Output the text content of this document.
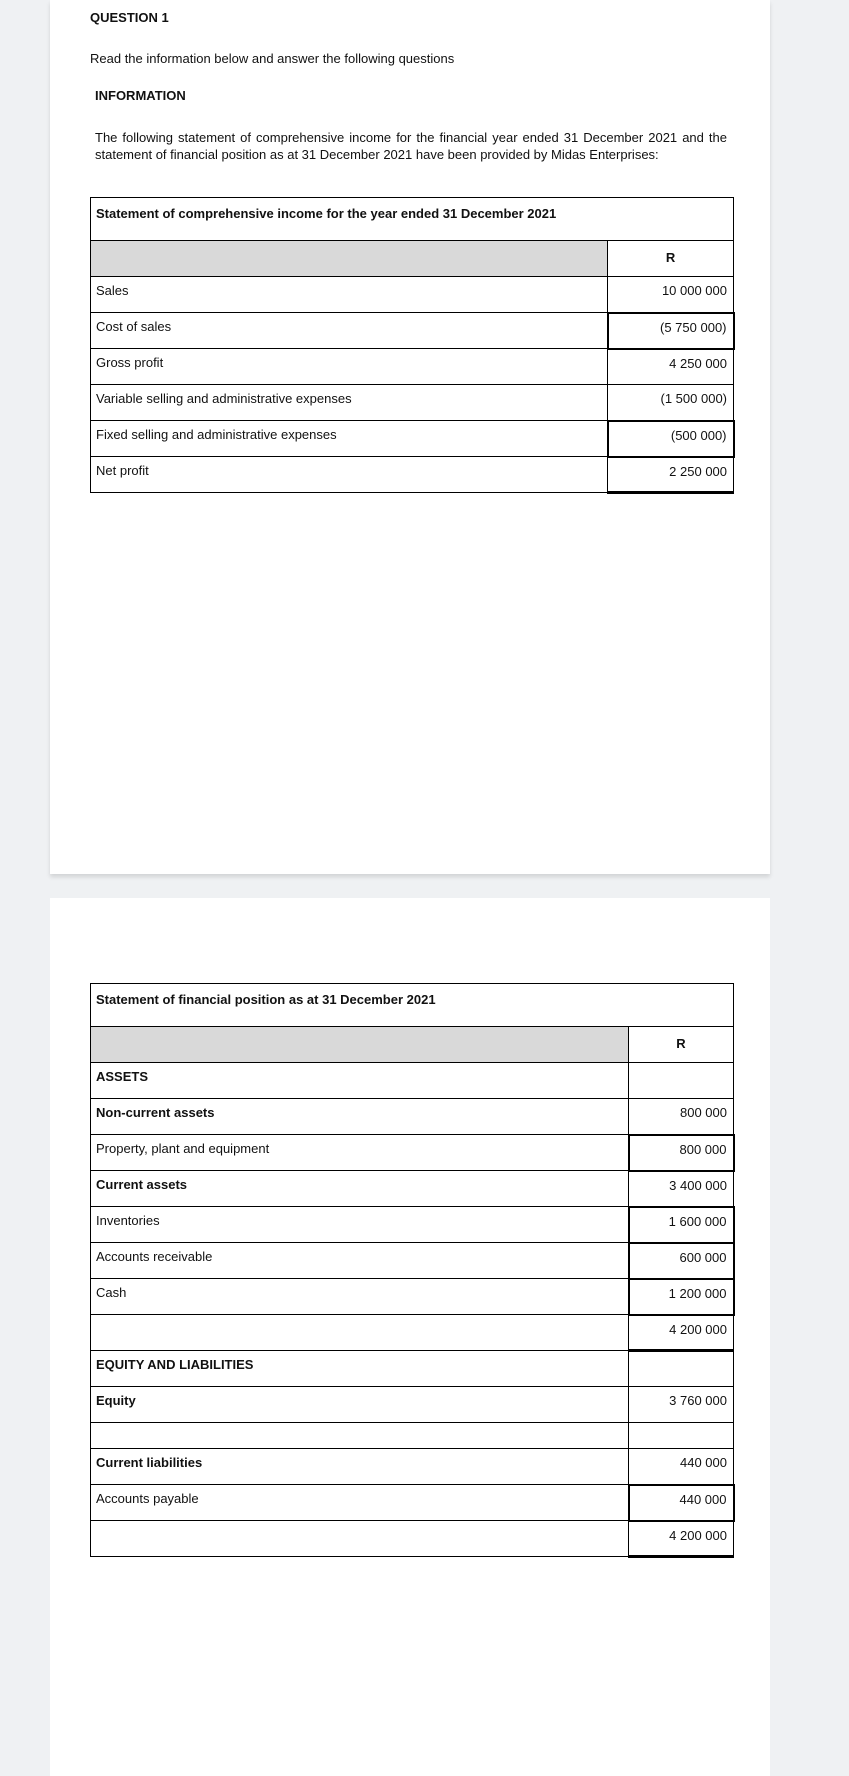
QUESTION 1
Read the information below and answer the following questions
INFORMATION
The following statement of comprehensive income for the financial year ended 31 December 2021 and the statement of financial position as at 31 December 2021 have been provided by Midas Enterprises:
Statement of comprehensive income for the year ended 31 December 2021	
	R
Sales	10 000 000
Cost of sales	(5 750 000)
Gross profit	4 250 000
Variable selling and administrative expenses	(1 500 000)
Fixed selling and administrative expenses	(500 000)
Net profit	2 250 000
Statement of financial position as at 31 December 2021	
	R
ASSETS	
Non-current assets	800 000
Property, plant and equipment	800 000
Current assets	3 400 000
Inventories	1 600 000
Accounts receivable	600 000
Cash	1 200 000
	4 200 000
EQUITY AND LIABILITIES	
Equity	3 760 000

Current liabilities	440 000
Accounts payable	440 000
	4 200 000
